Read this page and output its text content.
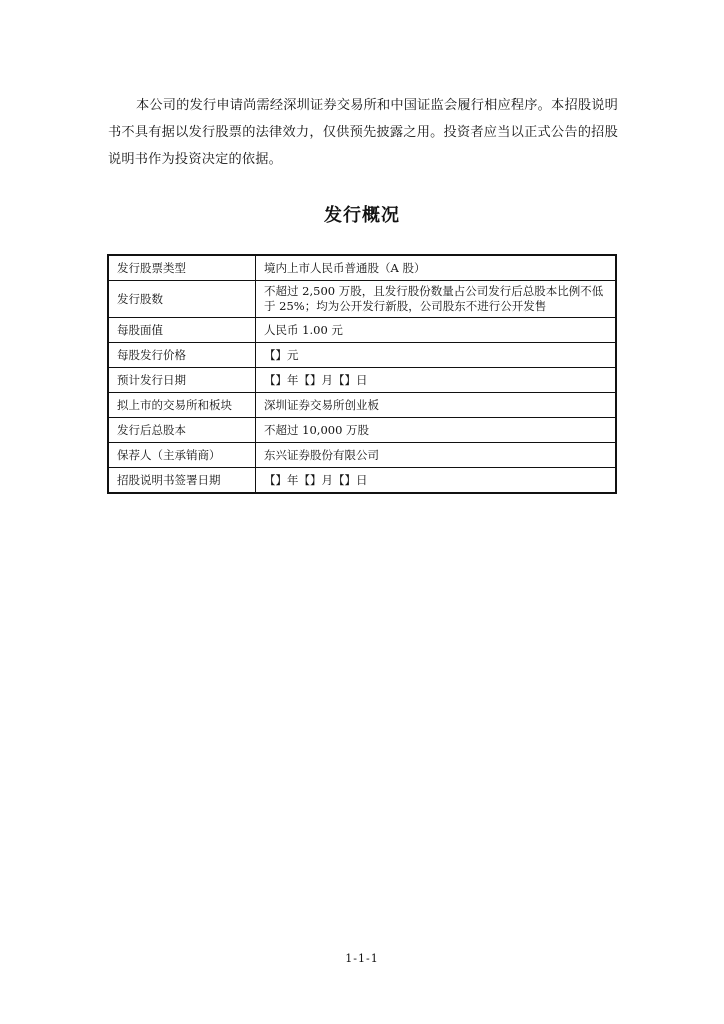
本公司的发行申请尚需经深圳证券交易所和中国证监会履行相应程序。本招股说明书不具有据以发行股票的法律效力，仅供预先披露之用。投资者应当以正式公告的招股说明书作为投资决定的依据。

发行概况
发行股票类型	境内上市人民币普通股（A 股）
发行股数	不超过 2,500 万股，且发行股份数量占公司发行后总股本比例不低于 25%；均为公开发行新股，公司股东不进行公开发售
每股面值	人民币 1.00 元
每股发行价格	【】元
预计发行日期	【】年【】月【】日
拟上市的交易所和板块	深圳证券交易所创业板
发行后总股本	不超过 10,000 万股
保荐人（主承销商）	东兴证券股份有限公司
招股说明书签署日期	【】年【】月【】日

1-1-1
